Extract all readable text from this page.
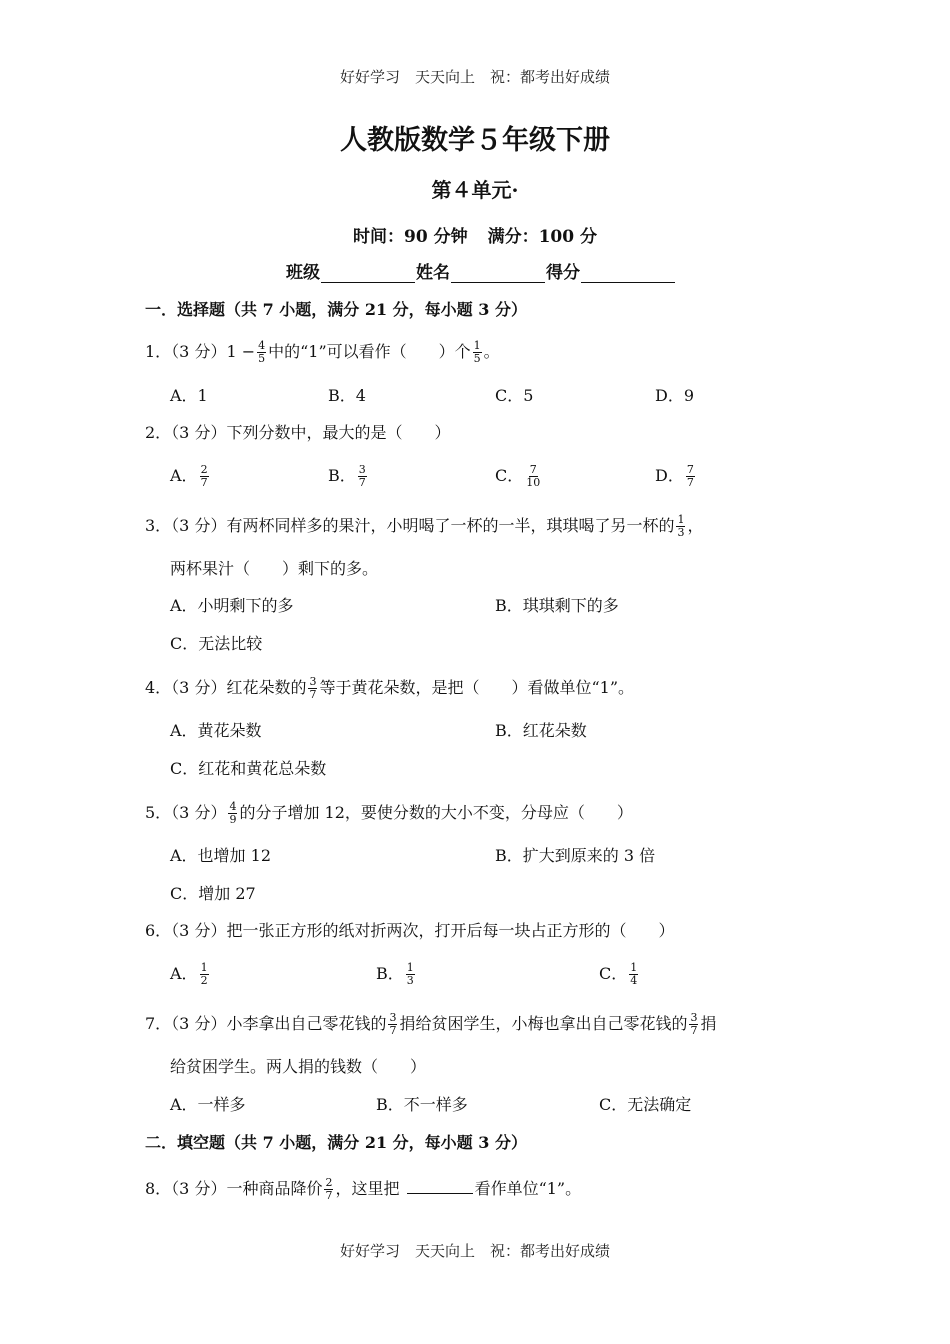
好好学习　天天向上　祝：都考出好成绩
人教版数学５年级下册
第４单元·
时间：90 分钟 满分：100 分
班级	姓名	得分
一．选择题（共 7 小题，满分 21 分，每小题 3 分）
1．（3 分）$1 - \frac{4}{5}$ 中的“1”可以看作（　　）个 $\frac{1}{5}$ 。
A．1	B．4	C．5	D．9
2．（3 分）下列分数中，最大的是（　　）
A． $\frac{2}{7}$	B． $\frac{3}{7}$	C． $\frac{7}{10}$	D． $\frac{7}{7}$
3．（3 分）有两杯同样多的果汁，小明喝了一杯的一半，琪琪喝了另一杯的 $\frac{1}{3}$ ，
两杯果汁（　　）剩下的多。
A．小明剩下的多	B．琪琪剩下的多
C．无法比较
4．（3 分）红花朵数的 $\frac{3}{7}$ 等于黄花朵数，是把（　　）看做单位“1”。
A．黄花朵数	B．红花朵数
C．红花和黄花总朵数
5．（3 分） $\frac{4}{9}$ 的分子增加 12，要使分数的大小不变，分母应（　　）
A．也增加 12	B．扩大到原来的 3 倍
C．增加 27
6．（3 分）把一张正方形的纸对折两次，打开后每一块占正方形的（　　）
A． $\frac{1}{2}$	B． $\frac{1}{3}$	C． $\frac{1}{4}$
7．（3 分）小李拿出自己零花钱的 $\frac{3}{7}$ 捐给贫困学生，小梅也拿出自己零花钱的 $\frac{3}{7}$ 捐
给贫困学生。两人捐的钱数（　　）
A．一样多	B．不一样多	C．无法确定
二．填空题（共 7 小题，满分 21 分，每小题 3 分）
8．（3 分）一种商品降价 $\frac{2}{7}$ ，这里把	看作单位“1”。
好好学习　天天向上　祝：都考出好成绩
